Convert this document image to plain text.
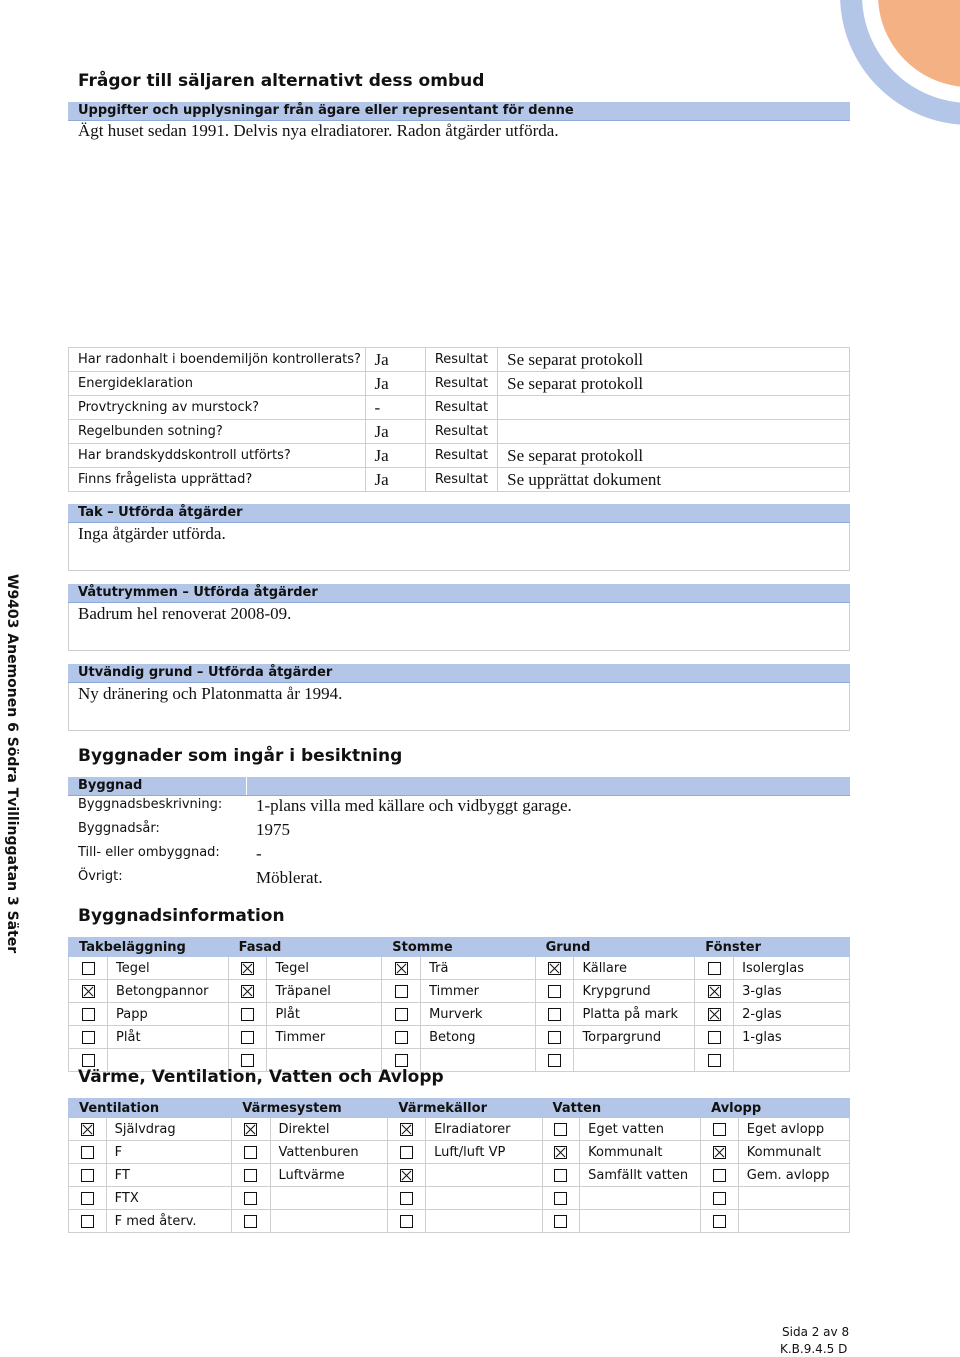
Frågor till säljaren alternativt dess ombud
Uppgifter och upplysningar från ägare eller representant för denne
Ägt huset sedan 1991. Delvis nya elradiatorer. Radon åtgärder utförda.
Har radonhalt i boendemiljön kontrollerats?	Ja	Resultat	Se separat protokoll
Energideklaration	Ja	Resultat	Se separat protokoll
Provtryckning av murstock?	-	Resultat	
Regelbunden sotning?	Ja	Resultat	
Har brandskyddskontroll utförts?	Ja	Resultat	Se separat protokoll
Finns frågelista upprättad?	Ja	Resultat	Se upprättat dokument
Tak – Utförda åtgärder
Inga åtgärder utförda.
Våtutrymmen – Utförda åtgärder
Badrum hel renoverat 2008-09.
Utvändig grund – Utförda åtgärder
Ny dränering och Platonmatta år 1994.
Byggnader som ingår i besiktning
Byggnad
Byggnadsbeskrivning: 1-plans villa med källare och vidbyggt garage.
Byggnadsår:	1975
Till- eller ombyggnad: -
Övrigt:	Möblerat.
Byggnadsinformation
Takbeläggning		Fasad		Stomme		Grund		Fönster	
	Tegel		Tegel		Trä		Källare		Isolerglas
	Betongpannor		Träpanel		Timmer		Krypgrund		3-glas
	Papp		Plåt		Murverk		Platta på mark		2-glas
	Plåt		Timmer		Betong		Torpargrund		1-glas

Värme, Ventilation, Vatten och Avlopp
Ventilation		Värmesystem		Värmekällor		Vatten		Avlopp	
	Självdrag		Direktel		Elradiatorer		Eget vatten		Eget avlopp
	F		Vattenburen		Luft/luft VP		Kommunalt		Kommunalt
	FT		Luftvärme				Samfällt vatten		Gem. avlopp
	FTX								
	F med återv.								
W9403 Anemonen 6 Södra Tvillinggatan 3 Säter
Sida 2 av 8
K.B.9.4.5 D
